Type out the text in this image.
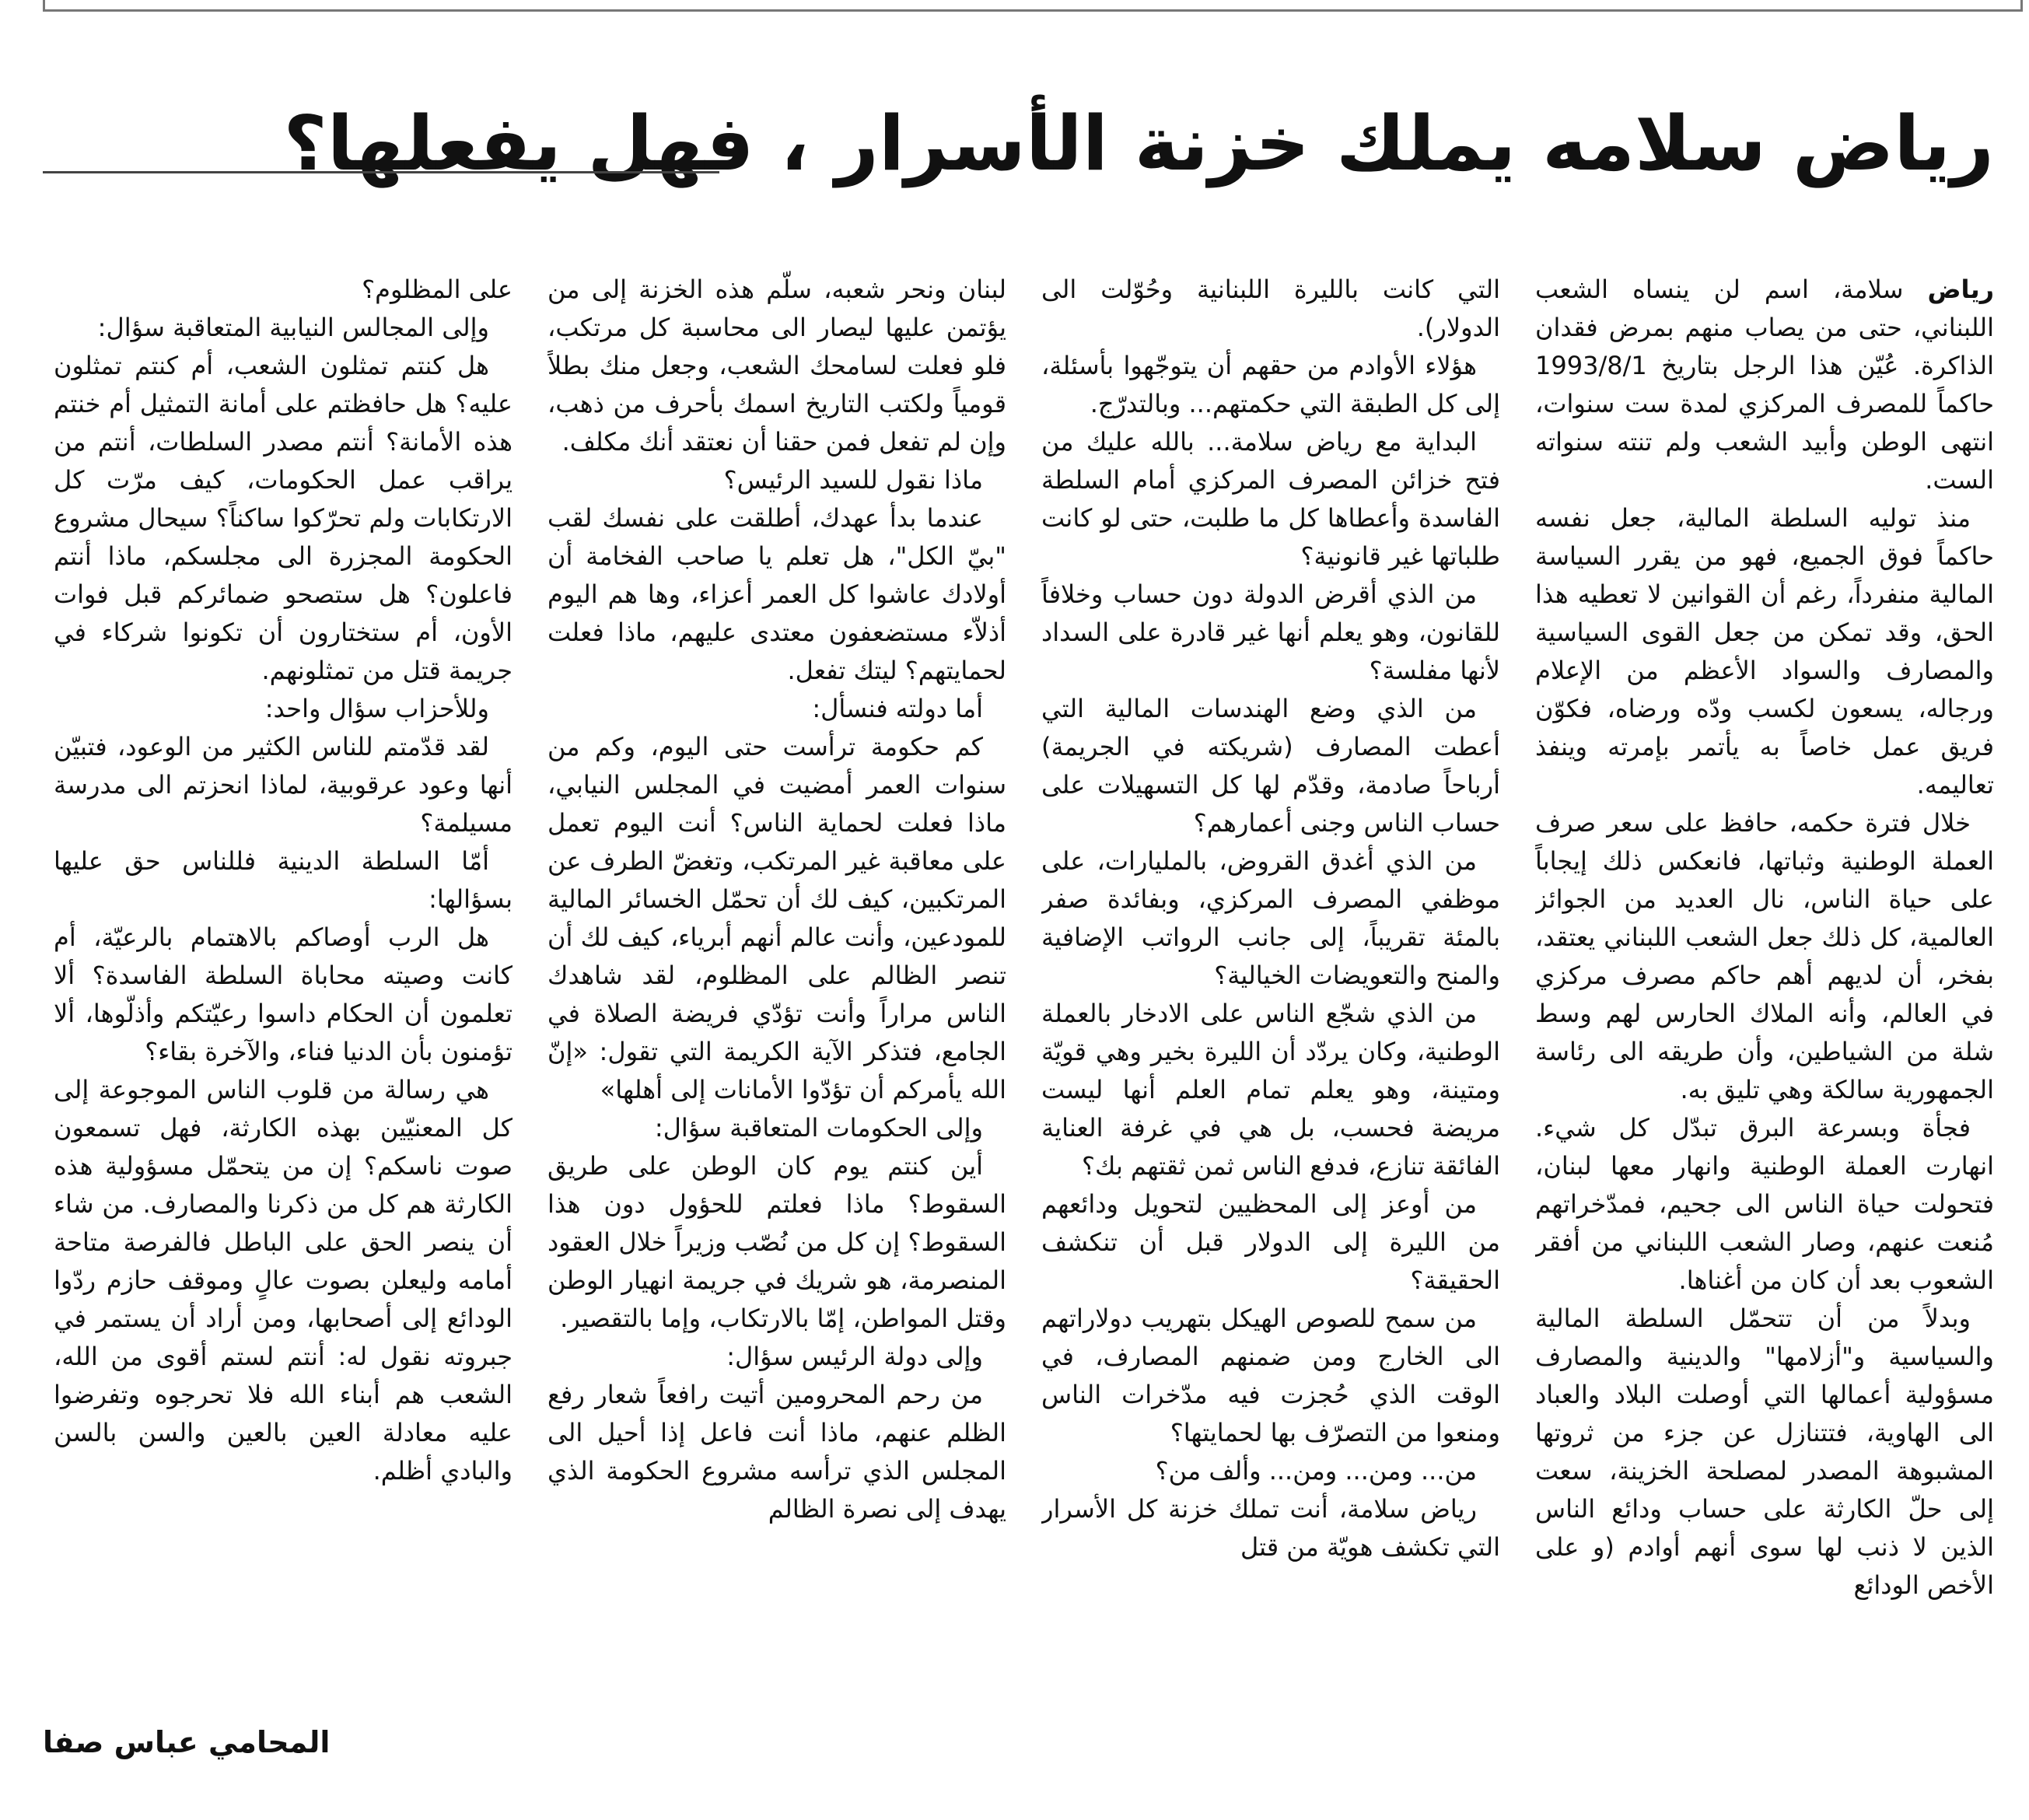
رياض سلامه يملك خزنة الأسرار ، فهل يفعلها؟

رياض سلامة، اسم لن ينساه الشعب اللبناني، حتى من يصاب منهم بمرض فقدان الذاكرة. عُيّن هذا الرجل بتاريخ 1993/8/1 حاكماً للمصرف المركزي لمدة ست سنوات، انتهى الوطن وأبيد الشعب ولم تنته سنواته الست.

منذ توليه السلطة المالية، جعل نفسه حاكماً فوق الجميع، فهو من يقرر السياسة المالية منفرداً، رغم أن القوانين لا تعطيه هذا الحق، وقد تمكن من جعل القوى السياسية والمصارف والسواد الأعظم من الإعلام ورجاله، يسعون لكسب ودّه ورضاه، فكوّن فريق عمل خاصاً به يأتمر بإمرته وينفذ تعاليمه.

خلال فترة حكمه، حافظ على سعر صرف العملة الوطنية وثباتها، فانعكس ذلك إيجاباً على حياة الناس، نال العديد من الجوائز العالمية، كل ذلك جعل الشعب اللبناني يعتقد، بفخر، أن لديهم أهم حاكم مصرف مركزي في العالم، وأنه الملاك الحارس لهم وسط شلة من الشياطين، وأن طريقه الى رئاسة الجمهورية سالكة وهي تليق به.

فجأة وبسرعة البرق تبدّل كل شيء. انهارت العملة الوطنية وانهار معها لبنان، فتحولت حياة الناس الى جحيم، فمدّخراتهم مُنعت عنهم، وصار الشعب اللبناني من أفقر الشعوب بعد أن كان من أغناها.

وبدلاً من أن تتحمّل السلطة المالية والسياسية و"أزلامها" والدينية والمصارف مسؤولية أعمالها التي أوصلت البلاد والعباد الى الهاوية، فتتنازل عن جزء من ثروتها المشبوهة المصدر لمصلحة الخزينة، سعت إلى حلّ الكارثة على حساب ودائع الناس الذين لا ذنب لها سوى أنهم أوادم (و على الأخص الودائع

التي كانت بالليرة اللبنانية وحُوّلت الى الدولار).

هؤلاء الأوادم من حقهم أن يتوجّهوا بأسئلة، إلى كل الطبقة التي حكمتهم... وبالتدرّج.

البداية مع رياض سلامة... بالله عليك من فتح خزائن المصرف المركزي أمام السلطة الفاسدة وأعطاها كل ما طلبت، حتى لو كانت طلباتها غير قانونية؟

من الذي أقرض الدولة دون حساب وخلافاً للقانون، وهو يعلم أنها غير قادرة على السداد لأنها مفلسة؟

من الذي وضع الهندسات المالية التي أعطت المصارف (شريكته في الجريمة) أرباحاً صادمة، وقدّم لها كل التسهيلات على حساب الناس وجنى أعمارهم؟

من الذي أغدق القروض، بالمليارات، على موظفي المصرف المركزي، وبفائدة صفر بالمئة تقريباً، إلى جانب الرواتب الإضافية والمنح والتعويضات الخيالية؟

من الذي شجّع الناس على الادخار بالعملة الوطنية، وكان يردّد أن الليرة بخير وهي قويّة ومتينة، وهو يعلم تمام العلم أنها ليست مريضة فحسب، بل هي في غرفة العناية الفائقة تنازع، فدفع الناس ثمن ثقتهم بك؟

من أوعز إلى المحظيين لتحويل ودائعهم من الليرة إلى الدولار قبل أن تنكشف الحقيقة؟

من سمح للصوص الهيكل بتهريب دولاراتهم الى الخارج ومن ضمنهم المصارف، في الوقت الذي حُجزت فيه مدّخرات الناس ومنعوا من التصرّف بها لحمايتها؟

من... ومن... ومن... وألف من؟

رياض سلامة، أنت تملك خزنة كل الأسرار التي تكشف هويّة من قتل

لبنان ونحر شعبه، سلّم هذه الخزنة إلى من يؤتمن عليها ليصار الى محاسبة كل مرتكب، فلو فعلت لسامحك الشعب، وجعل منك بطلاً قومياً ولكتب التاريخ اسمك بأحرف من ذهب، وإن لم تفعل فمن حقنا أن نعتقد أنك مكلف.

ماذا نقول للسيد الرئيس؟

عندما بدأ عهدك، أطلقت على نفسك لقب "بيّ الكل"، هل تعلم يا صاحب الفخامة أن أولادك عاشوا كل العمر أعزاء، وها هم اليوم أذلاّء مستضعفون معتدى عليهم، ماذا فعلت لحمايتهم؟ ليتك تفعل.

أما دولته فنسأل:

كم حكومة ترأست حتى اليوم، وكم من سنوات العمر أمضيت في المجلس النيابي، ماذا فعلت لحماية الناس؟ أنت اليوم تعمل على معاقبة غير المرتكب، وتغضّ الطرف عن المرتكبين، كيف لك أن تحمّل الخسائر المالية للمودعين، وأنت عالم أنهم أبرياء، كيف لك أن تنصر الظالم على المظلوم، لقد شاهدك الناس مراراً وأنت تؤدّي فريضة الصلاة في الجامع، فتذكر الآية الكريمة التي تقول: «إنّ الله يأمركم أن تؤدّوا الأمانات إلى أهلها»

وإلى الحكومات المتعاقبة سؤال:

أين كنتم يوم كان الوطن على طريق السقوط؟ ماذا فعلتم للحؤول دون هذا السقوط؟ إن كل من نُصّب وزيراً خلال العقود المنصرمة، هو شريك في جريمة انهيار الوطن وقتل المواطن، إمّا بالارتكاب، وإما بالتقصير.

وإلى دولة الرئيس سؤال:

من رحم المحرومين أتيت رافعاً شعار رفع الظلم عنهم، ماذا أنت فاعل إذا أحيل الى المجلس الذي ترأسه مشروع الحكومة الذي يهدف إلى نصرة الظالم

على المظلوم؟

وإلى المجالس النيابية المتعاقبة سؤال:

هل كنتم تمثلون الشعب، أم كنتم تمثلون عليه؟ هل حافظتم على أمانة التمثيل أم خنتم هذه الأمانة؟ أنتم مصدر السلطات، أنتم من يراقب عمل الحكومات، كيف مرّت كل الارتكابات ولم تحرّكوا ساكناً؟ سيحال مشروع الحكومة المجزرة الى مجلسكم، ماذا أنتم فاعلون؟ هل ستصحو ضمائركم قبل فوات الأون، أم ستختارون أن تكونوا شركاء في جريمة قتل من تمثلونهم.

وللأحزاب سؤال واحد:

لقد قدّمتم للناس الكثير من الوعود، فتبيّن أنها وعود عرقوبية، لماذا انحزتم الى مدرسة مسيلمة؟

أمّا السلطة الدينية فللناس حق عليها بسؤالها:

هل الرب أوصاكم بالاهتمام بالرعيّة، أم كانت وصيته محاباة السلطة الفاسدة؟ ألا تعلمون أن الحكام داسوا رعيّتكم وأذلّوها، ألا تؤمنون بأن الدنيا فناء، والآخرة بقاء؟

هي رسالة من قلوب الناس الموجوعة إلى كل المعنيّين بهذه الكارثة، فهل تسمعون صوت ناسكم؟ إن من يتحمّل مسؤولية هذه الكارثة هم كل من ذكرنا والمصارف. من شاء أن ينصر الحق على الباطل فالفرصة متاحة أمامه وليعلن بصوت عالٍ وموقف حازم ردّوا الودائع إلى أصحابها، ومن أراد أن يستمر في جبروته نقول له: أنتم لستم أقوى من الله، الشعب هم أبناء الله فلا تحرجوه وتفرضوا عليه معادلة العين بالعين والسن بالسن والبادي أظلم.

المحامي عباس صفا
